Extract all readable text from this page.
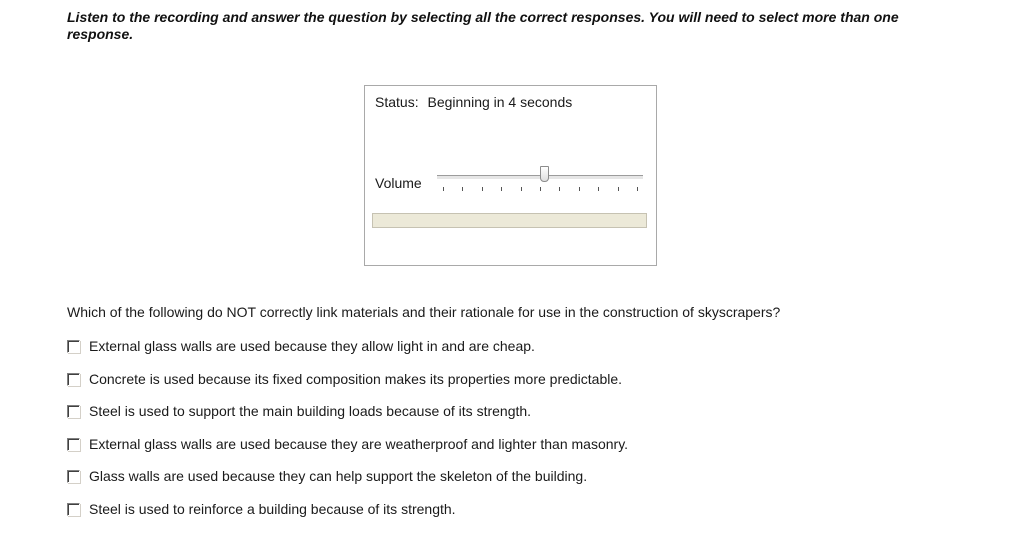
Listen to the recording and answer the question by selecting all the correct responses. You will need to select more than one response.
Status: Beginning in 4 seconds
Volume
Which of the following do NOT correctly link materials and their rationale for use in the construction of skyscrapers?
External glass walls are used because they allow light in and are cheap.
Concrete is used because its fixed composition makes its properties more predictable.
Steel is used to support the main building loads because of its strength.
External glass walls are used because they are weatherproof and lighter than masonry.
Glass walls are used because they can help support the skeleton of the building.
Steel is used to reinforce a building because of its strength.
